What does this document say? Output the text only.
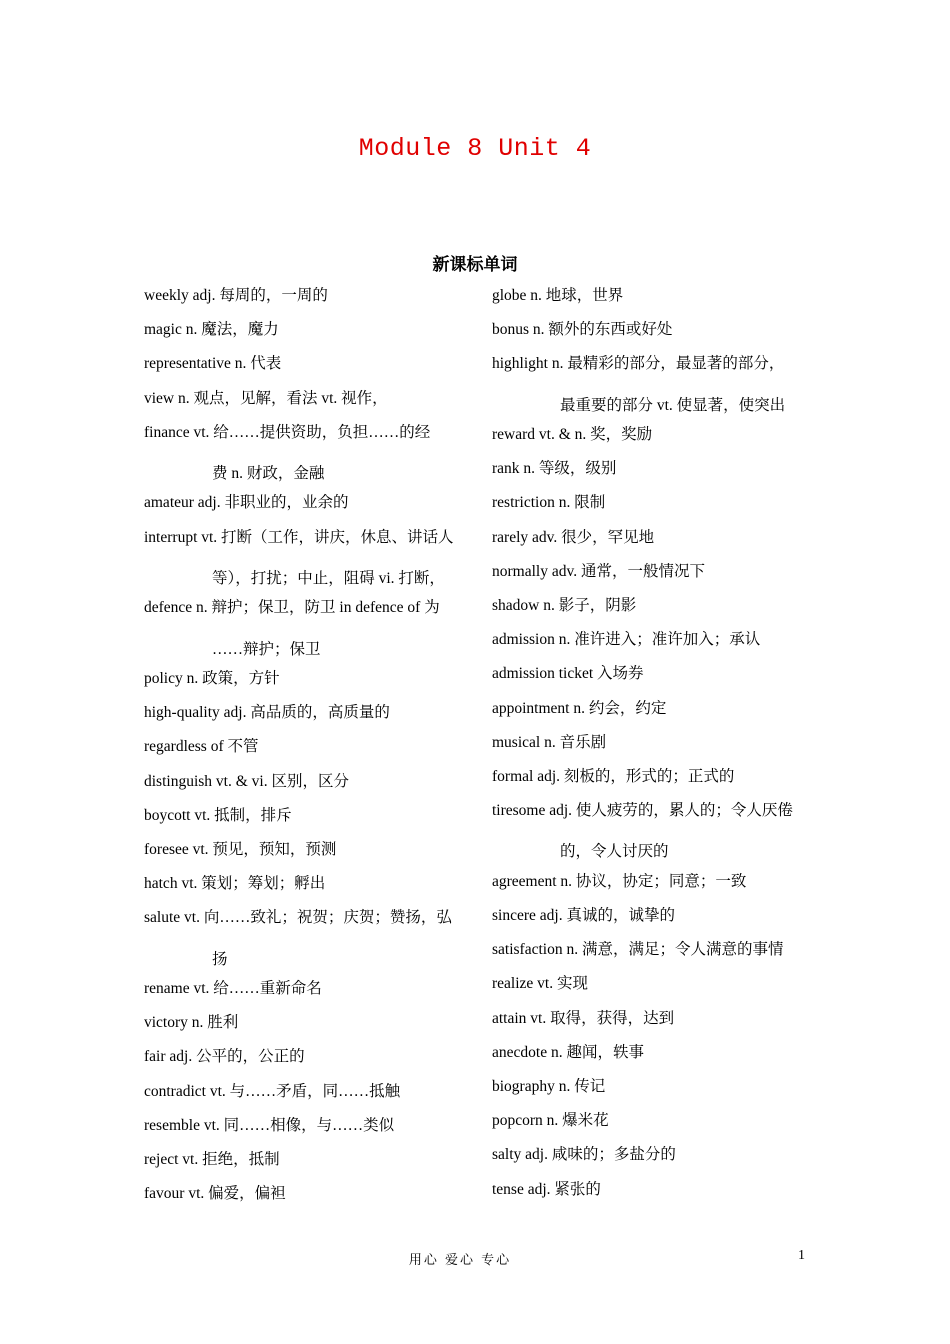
Module 8 Unit 4
新课标单词
weekly adj. 每周的，一周的
magic n. 魔法，魔力
representative n. 代表
view n. 观点，见解，看法 vt. 视作，
finance vt. 给……提供资助，负担……的经
费 n. 财政，金融
amateur adj. 非职业的，业余的
interrupt vt. 打断（工作，讲庆，休息、讲话人
等），打扰；中止，阻碍 vi. 打断，
defence n. 辩护；保卫，防卫 in defence of 为
……辩护；保卫
policy n. 政策，方针
high-quality adj. 高品质的，高质量的
regardless of 不管
distinguish vt. & vi. 区别，区分
boycott vt. 抵制，排斥
foresee vt. 预见，预知，预测
hatch vt. 策划；筹划；孵出
salute vt. 向……致礼；祝贺；庆贺；赞扬，弘
扬
rename vt. 给……重新命名
victory n. 胜利
fair adj. 公平的，公正的
contradict vt. 与……矛盾，同……抵触
resemble vt. 同……相像，与……类似
reject vt. 拒绝，抵制
favour vt. 偏爱，偏袒
globe n. 地球，世界
bonus n. 额外的东西或好处
highlight n. 最精彩的部分，最显著的部分，
最重要的部分 vt. 使显著，使突出
reward vt. & n. 奖，奖励
rank n. 等级，级别
restriction n. 限制
rarely adv. 很少，罕见地
normally adv. 通常，一般情况下
shadow n. 影子，阴影
admission n. 准许进入；准许加入；承认
admission ticket 入场券
appointment n. 约会，约定
musical n. 音乐剧
formal adj. 刻板的，形式的；正式的
tiresome adj. 使人疲劳的，累人的；令人厌倦
的，令人讨厌的
agreement n. 协议，协定；同意；一致
sincere adj. 真诚的，诚挚的
satisfaction n. 满意，满足；令人满意的事情
realize vt. 实现
attain vt. 取得，获得，达到
anecdote n. 趣闻，轶事
biography n. 传记
popcorn n. 爆米花
salty adj. 咸味的；多盐分的
tense adj. 紧张的
用心 爱心 专心	1
